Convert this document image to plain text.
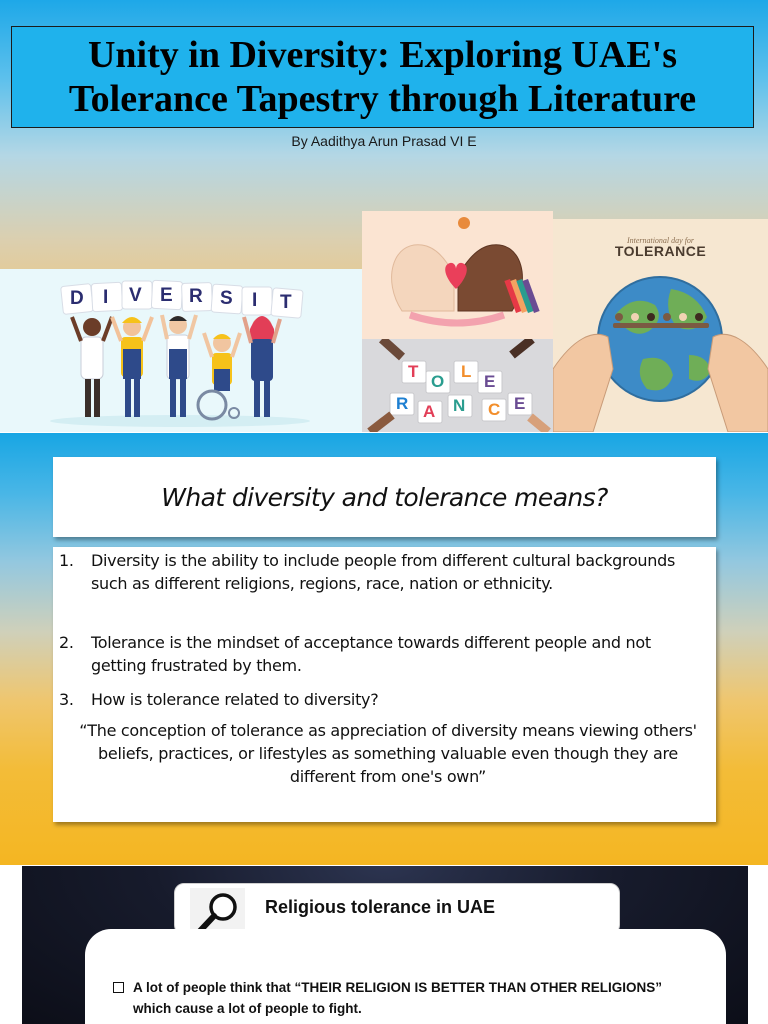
Unity in Diversity: Exploring UAE's
Tolerance Tapestry through Literature
By Aadithya Arun Prasad VI E
D I V E R S I T
T
O
L
E
R A N C E
International day for
TOLERANCE
What diversity and tolerance means?
1. Diversity is the ability to include people from different cultural backgrounds such as different religions, regions, race, nation or ethnicity.
2. Tolerance is the mindset of acceptance towards different people and not getting frustrated by them.
3. How is tolerance related to diversity?
“The conception of tolerance as appreciation of diversity means viewing others' beliefs, practices, or lifestyles as something valuable even though they are different from one's own”
Religious tolerance in UAE
A lot of people think that “THEIR RELIGION IS BETTER THAN OTHER RELIGIONS”
which cause a lot of people to fight.
